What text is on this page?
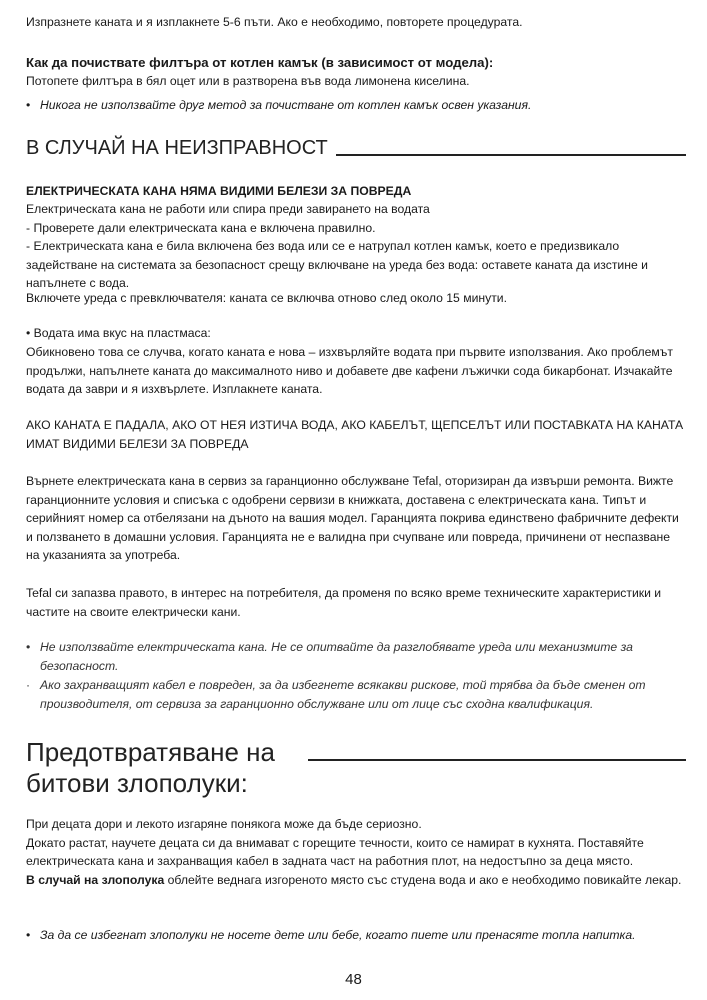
Изпразнете каната и я изплакнете 5-6 пъти. Ако е необходимо, повторете процедурата.

Как да почиствате филтъра от котлен камък (в зависимост от модела):

Потопете филтъра в бял оцет или в разтворена във вода лимонена киселина.

• Никога не използвайте друг метод за почистване от котлен камък освен указания.

В СЛУЧАЙ НА НЕИЗПРАВНОСТ

ЕЛЕКТРИЧЕСКАТА КАНА НЯМА ВИДИМИ БЕЛЕЗИ ЗА ПОВРЕДА

Електрическата кана не работи или спира преди завирането на водата

- Проверете дали електрическата кана е включена правилно.

- Електрическата кана е била включена без вода или се е натрупал котлен камък, което е предизвикало задействане на системата за безопасност срещу включване на уреда без вода: оставете каната да изстине и напълнете с вода.

Включете уреда с превключвателя: каната се включва отново след около 15 минути.

• Водата има вкус на пластмаса:

Обикновено това се случва, когато каната е нова – изхвърляйте водата при първите използвания. Ако проблемът продължи, напълнете каната до максималното ниво и добавете две кафени лъжички сода бикарбонат. Изчакайте водата да заври и я изхвърлете. Изплакнете каната.

АКО КАНАТА Е ПАДАЛА, АКО ОТ НЕЯ ИЗТИЧА ВОДА, АКО КАБЕЛЪТ, ЩЕПСЕЛЪТ ИЛИ ПОСТАВКАТА НА КАНАТА ИМАТ ВИДИМИ БЕЛЕЗИ ЗА ПОВРЕДА

Върнете електрическата кана в сервиз за гаранционно обслужване Tefal, оторизиран да извърши ремонта. Вижте гаранционните условия и списъка с одобрени сервизи в книжката, доставена с електрическата кана. Типът и серийният номер са отбелязани на дъното на вашия модел. Гаранцията покрива единствено фабричните дефекти и ползването в домашни условия. Гаранцията не е валидна при счупване или повреда, причинени от неспазване на указанията за употреба.

Tefal си запазва правото, в интерес на потребителя, да променя по всяко време техническите характеристики и частите на своите електрически кани.

• Не използвайте електрическата кана. Не се опитвайте да разглобявате уреда или механизмите за безопасност.

· Ако захранващият кабел е повреден, за да избегнете всякакви рискове, той трябва да бъде сменен от производителя, от сервиза за гаранционно обслужване или от лице със сходна квалификация.

Предотвратяване на
битови злополуки:

При децата дори и лекото изгаряне понякога може да бъде сериозно.

Докато растат, научете децата си да внимават с горещите течности, които се намират в кухнята. Поставяйте електрическата кана и захранващия кабел в задната част на работния плот, на недостъпно за деца място.

В случай на злополука облейте веднага изгореното място със студена вода и ако е необходимо повикайте лекар.

• За да се избегнат злополуки не носете дете или бебе, когато пиете или пренасяте топла напитка.

48
